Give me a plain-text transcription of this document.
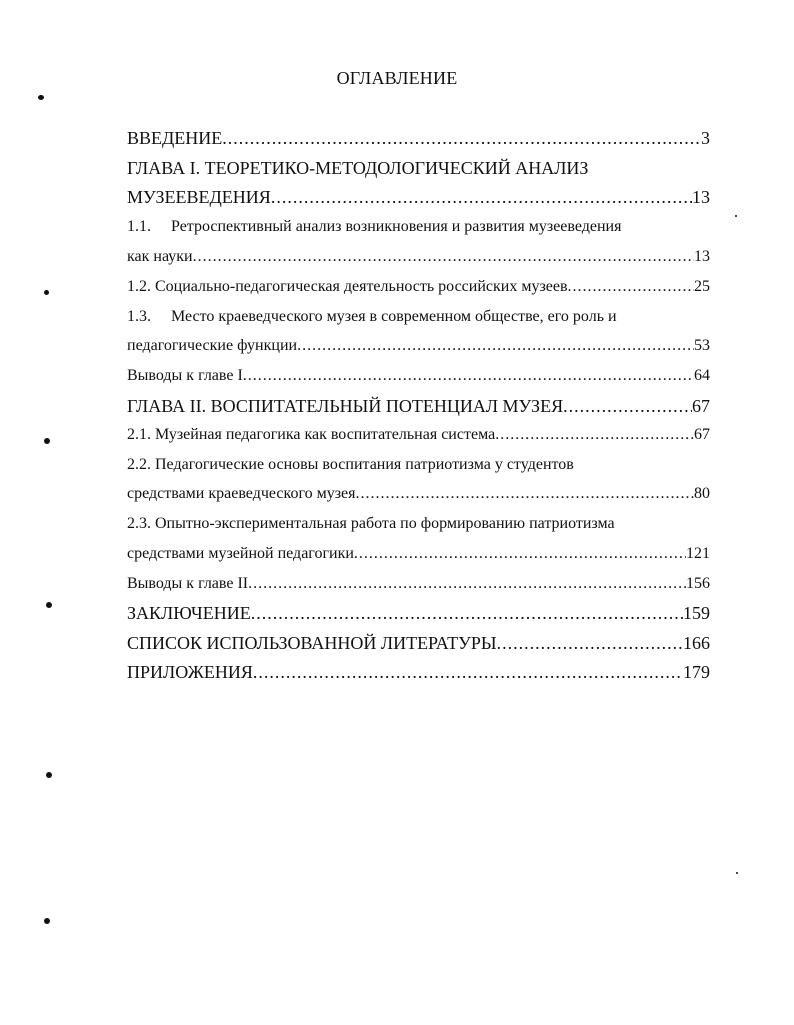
ОГЛАВЛЕНИЕ
ВВЕДЕНИЕ .....	3
ГЛАВА I. ТЕОРЕТИКО-МЕТОДОЛОГИЧЕСКИЙ АНАЛИЗ
МУЗЕЕВЕДЕНИЯ .....	13
1.1. Ретроспективный анализ возникновения и развития музееведения
как науки .....	13
1.2. Социально-педагогическая деятельность российских музеев .....	25
1.3. Место краеведческого музея в современном обществе, его роль и
педагогические функции .....	53
Выводы к главе I .....	64
ГЛАВА II. ВОСПИТАТЕЛЬНЫЙ ПОТЕНЦИАЛ МУЗЕЯ .....	67
2.1. Музейная педагогика как воспитательная система .....	67
2.2. Педагогические основы воспитания патриотизма у студентов
средствами краеведческого музея .....	80
2.3. Опытно-экспериментальная работа по формированию патриотизма
средствами музейной педагогики .....	121
Выводы к главе II .....	156
ЗАКЛЮЧЕНИЕ .....	159
СПИСОК ИСПОЛЬЗОВАННОЙ ЛИТЕРАТУРЫ .....	166
ПРИЛОЖЕНИЯ .....	179
